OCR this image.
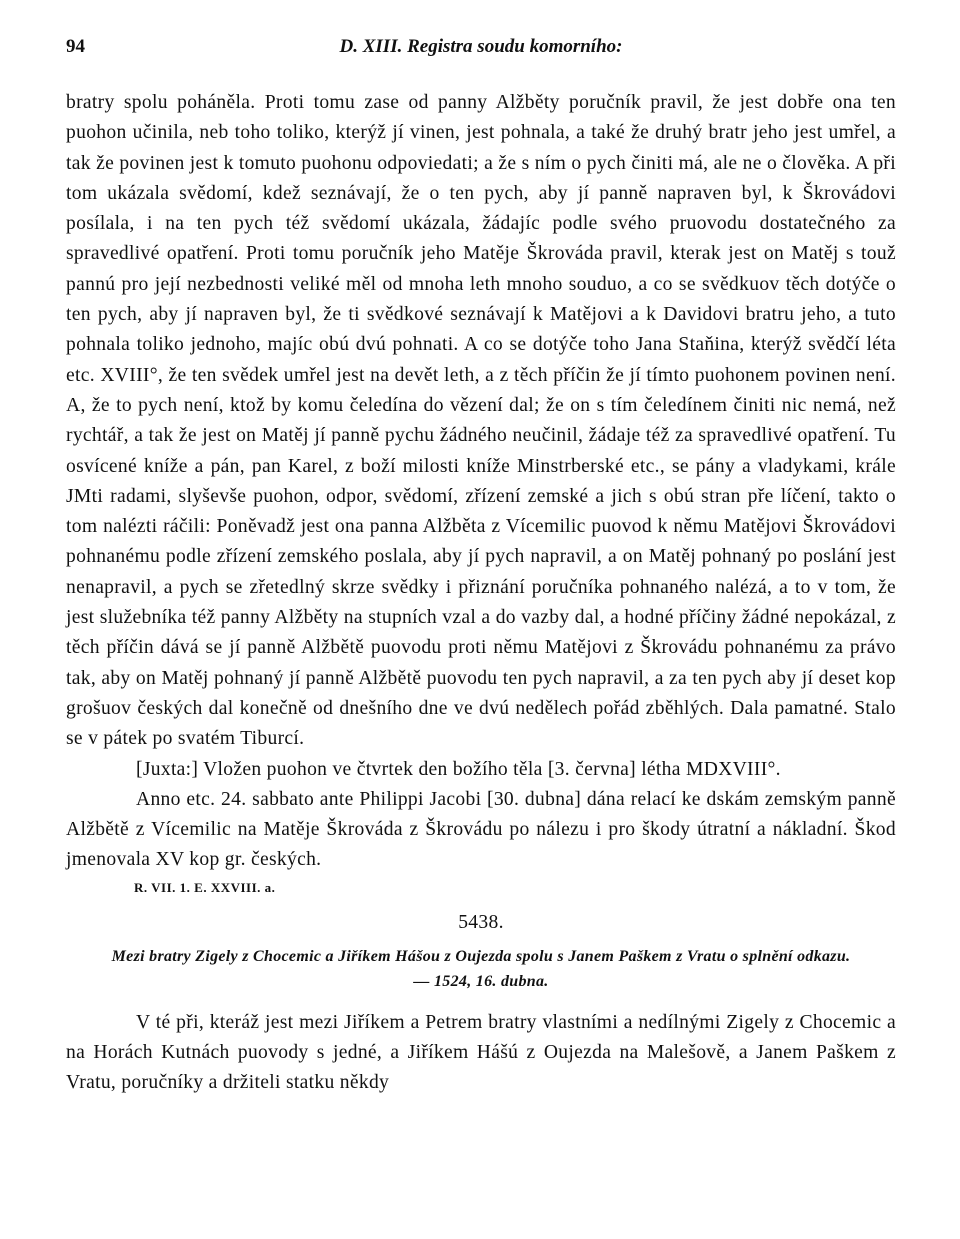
94	D. XIII. Registra soudu komorního:

bratry spolu poháněla. Proti tomu zase od panny Alžběty poručník pravil, že jest dobře ona ten puohon učinila, neb toho toliko, kterýž jí vinen, jest pohnala, a také že druhý bratr jeho jest umřel, a tak že povinen jest k tomuto puohonu odpoviedati; a že s ním o pych činiti má, ale ne o člověka. A při tom ukázala svědomí, kdež seznávají, že o ten pych, aby jí panně napraven byl, k Škrovádovi posílala, i na ten pych též svědomí ukázala, žádajíc podle svého pruovodu dostatečného za spravedlivé opatření. Proti tomu poručník jeho Matěje Škrováda pravil, kterak jest on Matěj s touž pannú pro její nezbednosti veliké měl od mnoha leth mnoho souduo, a co se svědkuov těch dotýče o ten pych, aby jí napraven byl, že ti svědkové seznávají k Matějovi a k Davidovi bratru jeho, a tuto pohnala toliko jednoho, majíc obú dvú pohnati. A co se dotýče toho Jana Staňina, kterýž svědčí léta etc. XVIII°, že ten svědek umřel jest na devět leth, a z těch příčin že jí tímto puohonem povinen není. A, že to pych není, ktož by komu čeledína do vězení dal; že on s tím čeledínem činiti nic nemá, než rychtář, a tak že jest on Matěj jí panně pychu žádného neučinil, žádaje též za spravedlivé opatření. Tu osvícené kníže a pán, pan Karel, z boží milosti kníže Minstrberské etc., se pány a vladykami, krále JMti radami, slyševše puohon, odpor, svědomí, zřízení zemské a jich s obú stran pře líčení, takto o tom nalézti ráčili: Poněvadž jest ona panna Alžběta z Vícemilic puovod k němu Matějovi Škrovádovi pohnanému podle zřízení zemského poslala, aby jí pych napravil, a on Matěj pohnaný po poslání jest nenapravil, a pych se zřetedlný skrze svědky i přiznání poručníka pohnaného nalézá, a to v tom, že jest služebníka též panny Alžběty na stupních vzal a do vazby dal, a hodné příčiny žádné nepokázal, z těch příčin dává se jí panně Alžbětě puovodu proti němu Matějovi z Škrovádu pohnanému za právo tak, aby on Matěj pohnaný jí panně Alžbětě puovodu ten pych napravil, a za ten pych aby jí deset kop grošuov českých dal konečně od dnešního dne ve dvú nedělech pořád zběhlých. Dala pamatné. Stalo se v pátek po svatém Tiburcí.

[Juxta:] Vložen puohon ve čtvrtek den božího těla [3. června] létha MDXVIII°.

Anno etc. 24. sabbato ante Philippi Jacobi [30. dubna] dána relací ke dskám zemským panně Alžbětě z Vícemilic na Matěje Škrováda z Škrovádu po nálezu i pro škody útratní a nákladní. Škod jmenovala XV kop gr. českých.

R. VII. 1. E. XXVIII. a.

5438.

Mezi bratry Zigely z Chocemic a Jiříkem Hášou z Oujezda spolu s Janem Paškem z Vratu o splnění odkazu.
— 1524, 16. dubna.

V té při, kteráž jest mezi Jiříkem a Petrem bratry vlastními a nedílnými Zigely z Chocemic a na Horách Kutnách puovody s jedné, a Jiříkem Hášú z Oujezda na Malešově, a Janem Paškem z Vratu, poručníky a držiteli statku někdy
